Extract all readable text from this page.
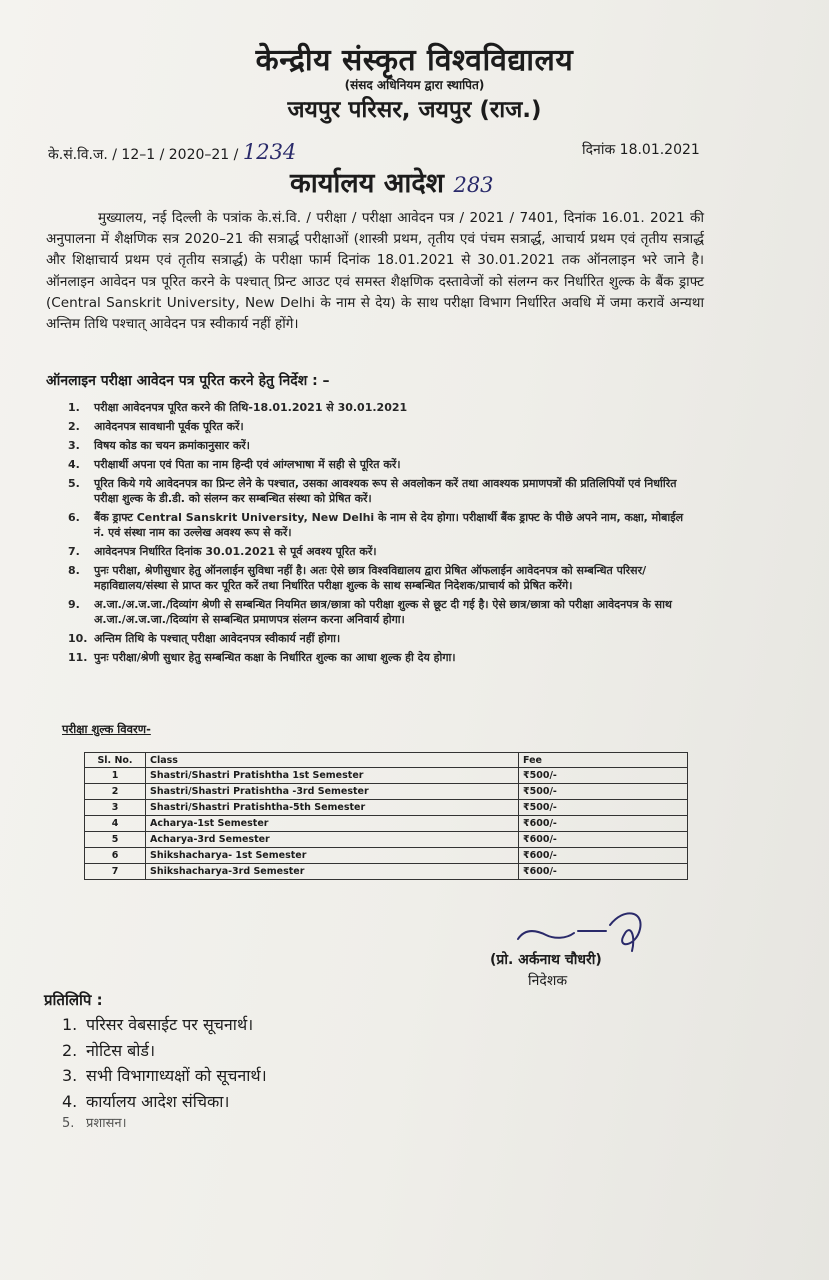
केन्द्रीय संस्कृत विश्वविद्यालय
(संसद अधिनियम द्वारा स्थापित)
जयपुर परिसर, जयपुर (राज.)
के.सं.वि.ज. / 12–1 / 2020–21 / 1234	दिनांक 18.01.2021
कार्यालय आदेश 283
मुख्यालय, नई दिल्ली के पत्रांक के.सं.वि. / परीक्षा / परीक्षा आवेदन पत्र / 2021 / 7401, दिनांक 16.01. 2021 की अनुपालना में शैक्षणिक सत्र 2020–21 की सत्रार्द्ध परीक्षाओं (शास्त्री प्रथम, तृतीय एवं पंचम सत्रार्द्ध, आचार्य प्रथम एवं तृतीय सत्रार्द्ध और शिक्षाचार्य प्रथम एवं तृतीय सत्रार्द्ध) के परीक्षा फार्म दिनांक 18.01.2021 से 30.01.2021 तक ऑनलाइन भरे जाने है। ऑनलाइन आवेदन पत्र पूरित करने के पश्चात् प्रिन्ट आउट एवं समस्त शैक्षणिक दस्तावेजों को संलग्न कर निर्धारित शुल्क के बैंक ड्राफ्ट (Central Sanskrit University, New Delhi के नाम से देय) के साथ परीक्षा विभाग निर्धारित अवधि में जमा करावें अन्यथा अन्तिम तिथि पश्चात् आवेदन पत्र स्वीकार्य नहीं होंगे।
ऑनलाइन परीक्षा आवेदन पत्र पूरित करने हेतु निर्देश : –
1.	परीक्षा आवेदनपत्र पूरित करने की तिथि-18.01.2021 से 30.01.2021
2.	आवेदनपत्र सावधानी पूर्वक पूरित करें।
3.	विषय कोड का चयन क्रमांकानुसार करें।
4.	परीक्षार्थी अपना एवं पिता का नाम हिन्दी एवं आंग्लभाषा में सही से पूरित करें।
5.	पूरित किये गये आवेदनपत्र का प्रिन्ट लेने के पश्चात, उसका आवश्यक रूप से अवलोकन करें तथा आवश्यक प्रमाणपत्रों की प्रतिलिपियों एवं निर्धारित परीक्षा शुल्क के डी.डी. को संलग्न कर सम्बन्धित संस्था को प्रेषित करें।
6.	बैंक ड्राफ्ट Central Sanskrit University, New Delhi के नाम से देय होगा। परीक्षार्थी बैंक ड्राफ्ट के पीछे अपने नाम, कक्षा, मोबाईल नं. एवं संस्था नाम का उल्लेख अवश्य रूप से करें।
7.	आवेदनपत्र निर्धारित दिनांक 30.01.2021 से पूर्व अवश्य पूरित करें।
8.	पुनः परीक्षा, श्रेणीसुधार हेतु ऑनलाईन सुविधा नहीं है। अतः ऐसे छात्र विश्वविद्यालय द्वारा प्रेषित ऑफलाईन आवेदनपत्र को सम्बन्धित परिसर/महाविद्यालय/संस्था से प्राप्त कर पूरित करें तथा निर्धारित परीक्षा शुल्क के साथ सम्बन्धित निदेशक/प्राचार्य को प्रेषित करेंगे।
9.	अ.जा./अ.ज.जा./दिव्यांग श्रेणी से सम्बन्धित नियमित छात्र/छात्रा को परीक्षा शुल्क से छूट दी गई है। ऐसे छात्र/छात्रा को परीक्षा आवेदनपत्र के साथ अ.जा./अ.ज.जा./दिव्यांग से सम्बन्धित प्रमाणपत्र संलग्न करना अनिवार्य होगा।
10. अन्तिम तिथि के पश्चात् परीक्षा आवेदनपत्र स्वीकार्य नहीं होगा।
11. पुनः परीक्षा/श्रेणी सुधार हेतु सम्बन्धित कक्षा के निर्धारित शुल्क का आधा शुल्क ही देय होगा।
परीक्षा शुल्क विवरण-
Sl. No.	Class	Fee
1	Shastri/Shastri Pratishtha 1st Semester	₹500/-
2	Shastri/Shastri Pratishtha -3rd Semester	₹500/-
3	Shastri/Shastri Pratishtha-5th Semester	₹500/-
4	Acharya-1st Semester	₹600/-
5	Acharya-3rd Semester	₹600/-
6	Shikshacharya- 1st Semester	₹600/-
7	Shikshacharya-3rd Semester	₹600/-
(प्रो. अर्कनाथ चौधरी)
निदेशक
प्रतिलिपि :
1. परिसर वेबसाईट पर सूचनार्थ।
2. नोटिस बोर्ड।
3. सभी विभागाध्यक्षों को सूचनार्थ।
4. कार्यालय आदेश संचिका।
5. प्रशासन।
